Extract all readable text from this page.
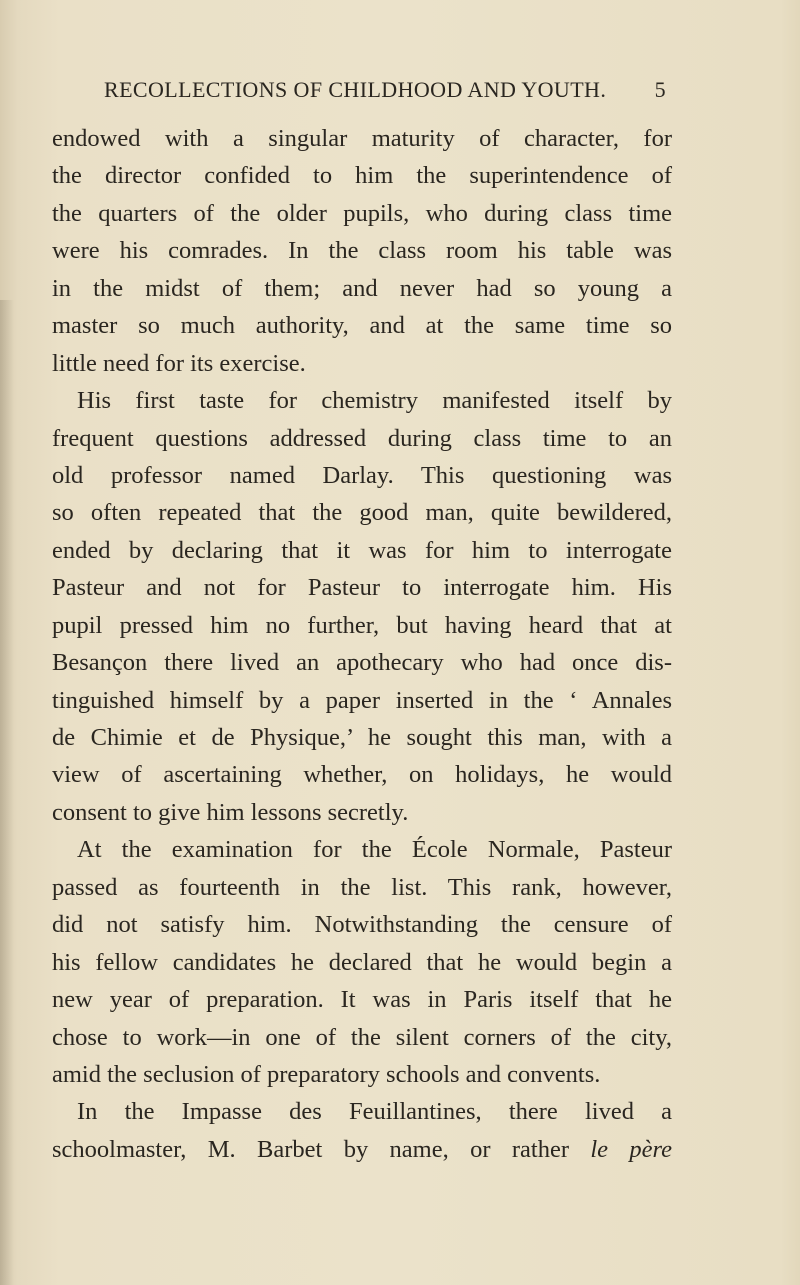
RECOLLECTIONS OF CHILDHOOD AND YOUTH. 5
endowed with a singular maturity of character, for
the director confided to him the superintendence of
the quarters of the older pupils, who during class time
were his comrades. In the class room his table was
in the midst of them; and never had so young a
master so much authority, and at the same time so
little need for its exercise.
His first taste for chemistry manifested itself by
frequent questions addressed during class time to an
old professor named Darlay. This questioning was
so often repeated that the good man, quite bewildered,
ended by declaring that it was for him to interrogate
Pasteur and not for Pasteur to interrogate him. His
pupil pressed him no further, but having heard that at
Besançon there lived an apothecary who had once dis-
tinguished himself by a paper inserted in the ‘ Annales
de Chimie et de Physique,’ he sought this man, with a
view of ascertaining whether, on holidays, he would
consent to give him lessons secretly.
At the examination for the École Normale, Pasteur
passed as fourteenth in the list. This rank, however,
did not satisfy him. Notwithstanding the censure of
his fellow candidates he declared that he would begin a
new year of preparation. It was in Paris itself that he
chose to work—in one of the silent corners of the city,
amid the seclusion of preparatory schools and convents.
In the Impasse des Feuillantines, there lived a
schoolmaster, M. Barbet by name, or rather le père
